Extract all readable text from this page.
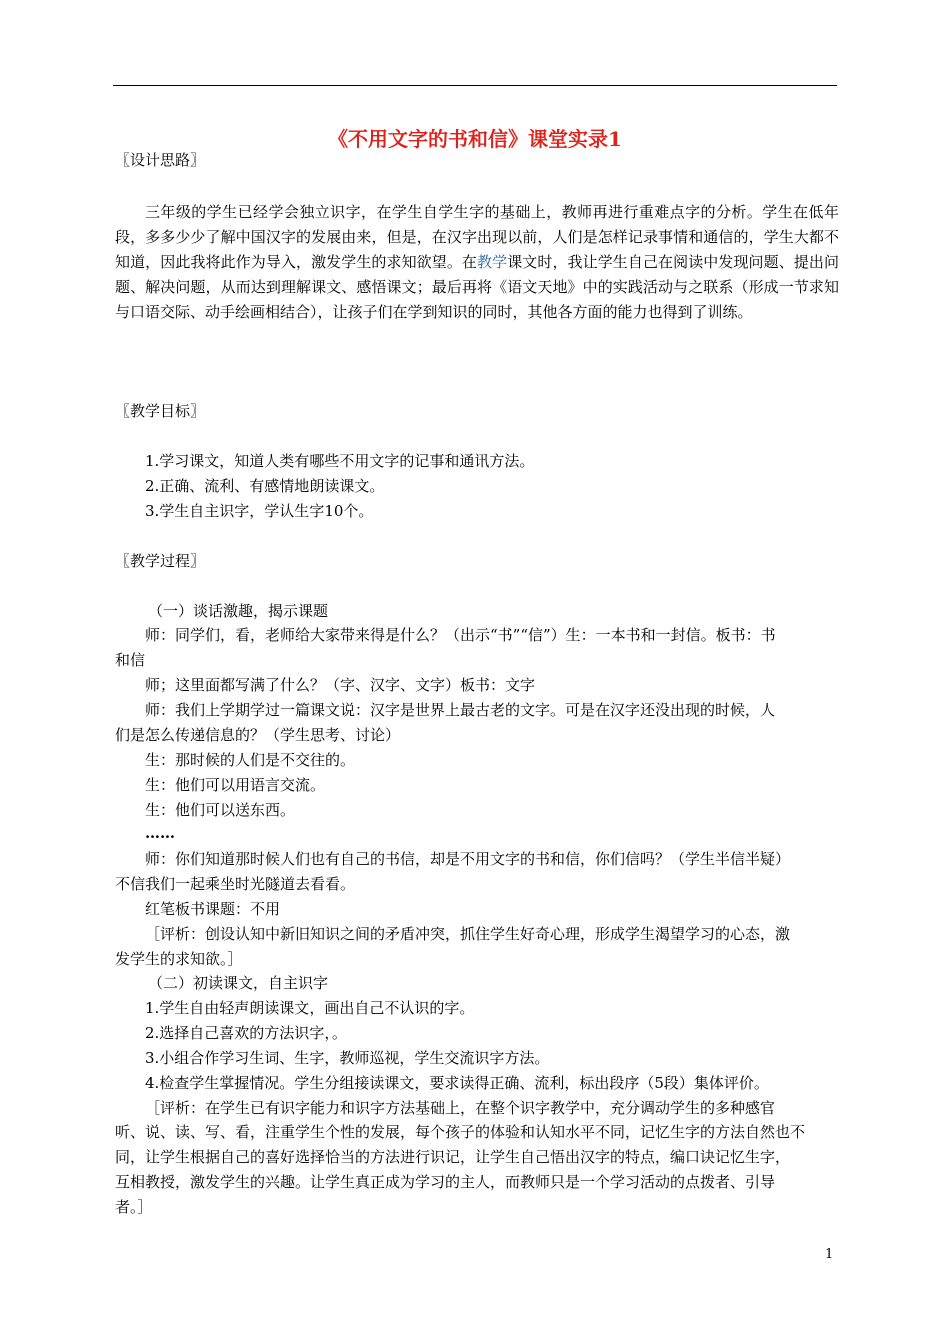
《不用文字的书和信》课堂实录1
〖设计思路〗
三年级的学生已经学会独立识字，在学生自学生字的基础上，教师再进行重难点字的分析。学生在低年段，多多少少了解中国汉字的发展由来，但是，在汉字出现以前，人们是怎样记录事情和通信的，学生大都不知道，因此我将此作为导入，激发学生的求知欲望。在教学课文时，我让学生自己在阅读中发现问题、提出问题、解决问题，从而达到理解课文、感悟课文；最后再将《语文天地》中的实践活动与之联系（形成一节求知与口语交际、动手绘画相结合），让孩子们在学到知识的同时，其他各方面的能力也得到了训练。
〖教学目标〗
1.学习课文，知道人类有哪些不用文字的记事和通讯方法。
2.正确、流利、有感情地朗读课文。
3.学生自主识字，学认生字10个。
〖教学过程〗
（一）谈话激趣，揭示课题
师：同学们，看，老师给大家带来得是什么？（出示“书”“信”）生：一本书和一封信。板书：书
和信
师；这里面都写满了什么？（字、汉字、文字）板书：文字
师：我们上学期学过一篇课文说：汉字是世界上最古老的文字。可是在汉字还没出现的时候，人
们是怎么传递信息的？（学生思考、讨论）
生：那时候的人们是不交往的。
生：他们可以用语言交流。
生：他们可以送东西。
……
师：你们知道那时候人们也有自己的书信，却是不用文字的书和信，你们信吗？（学生半信半疑）
不信我们一起乘坐时光隧道去看看。
红笔板书课题：不用
［评析：创设认知中新旧知识之间的矛盾冲突，抓住学生好奇心理，形成学生渴望学习的心态，激
发学生的求知欲。］
（二）初读课文，自主识字
1.学生自由轻声朗读课文，画出自己不认识的字。
2.选择自己喜欢的方法识字，。
3.小组合作学习生词、生字，教师巡视，学生交流识字方法。
4.检查学生掌握情况。学生分组接读课文，要求读得正确、流利，标出段序（5段）集体评价。
［评析：在学生已有识字能力和识字方法基础上，在整个识字教学中，充分调动学生的多种感官
听、说、读、写、看，注重学生个性的发展，每个孩子的体验和认知水平不同，记忆生字的方法自然也不
同，让学生根据自己的喜好选择恰当的方法进行识记，让学生自己悟出汉字的特点，编口诀记忆生字，
互相教授，激发学生的兴趣。让学生真正成为学习的主人，而教师只是一个学习活动的点拨者、引导
者。］
1
